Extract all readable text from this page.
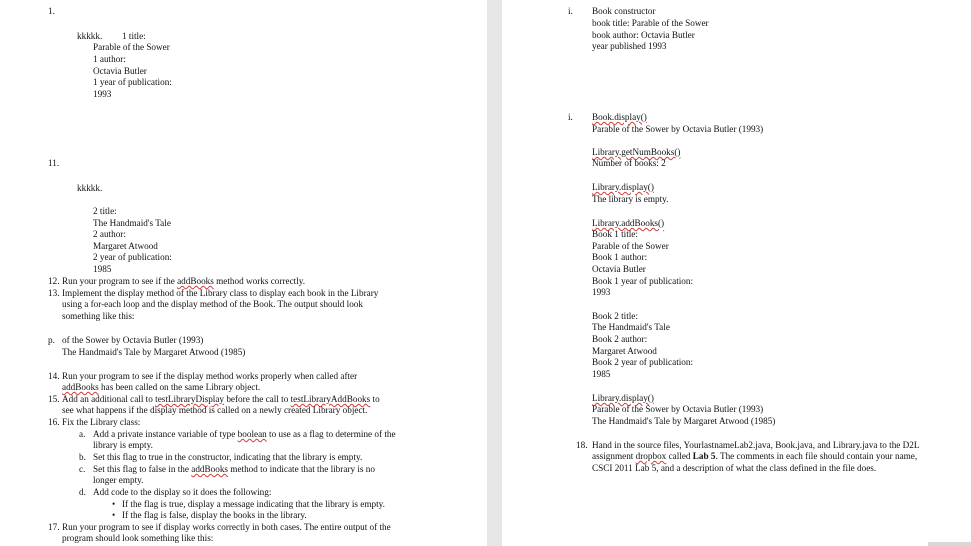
1.
kkkkk. 1 title:
Parable of the Sower
1 author:
Octavia Butler
1 year of publication:
1993
11.
kkkkk.
2 title:
The Handmaid's Tale
2 author:
Margaret Atwood
12. Run your program to see if the addBooks method works correctly.
13. Implement the display method of the Library class to display each book in the Library
using a for-each loop and the display method of the Book. The output should look
something like this:
p. of the Sower by Octavia Butler (1993)
The Handmaid's Tale by Margaret Atwood (1985)
14. Run your program to see if the display method works properly when called after
addBooks has been called on the same Library object.
15. Add an additional call to testLibraryDisplay before the call to testLibraryAddBooks to
see what happens if the display method is called on a newly created Library object.
16. Fix the Library class:
a. Add a private instance variable of type boolean to use as a flag to determine of the
library is empty.
b. Set this flag to true in the constructor, indicating that the library is empty.
c. Set this flag to false in the addBooks method to indicate that the library is no
longer empty.
d. Add code to the display so it does the following:
• If the flag is true, display a message indicating that the library is empty.
• If the flag is false, display the books in the library.
17. Run your program to see if display works correctly in both cases. The entire output of the
program should look something like this:
1985
2 year of publication:
i. Book constructor
book title: Parable of the Sower
book author: Octavia Butler
year published 1993
i. Book.display()
Parable of the Sower by Octavia Butler (1993)
Library.getNumBooks()
Number of books: 2
Library.display()
The library is empty.
Library.addBooks()
Book 1 title:
Parable of the Sower
Book 1 author:
Octavia Butler
Book 1 year of publication:
1993
Book 2 title:
The Handmaid's Tale
Book 2 author:
Margaret Atwood
Book 2 year of publication:
1985
Library.display()
Parable of the Sower by Octavia Butler (1993)
The Handmaid's Tale by Margaret Atwood (1985)
18. Hand in the source files, YourlastnameLab2.java, Book.java, and Library.java to the D2L
assignment dropbox called Lab 5. The comments in each file should contain your name,
CSCI 2011 Lab 5, and a description of what the class defined in the file does.
